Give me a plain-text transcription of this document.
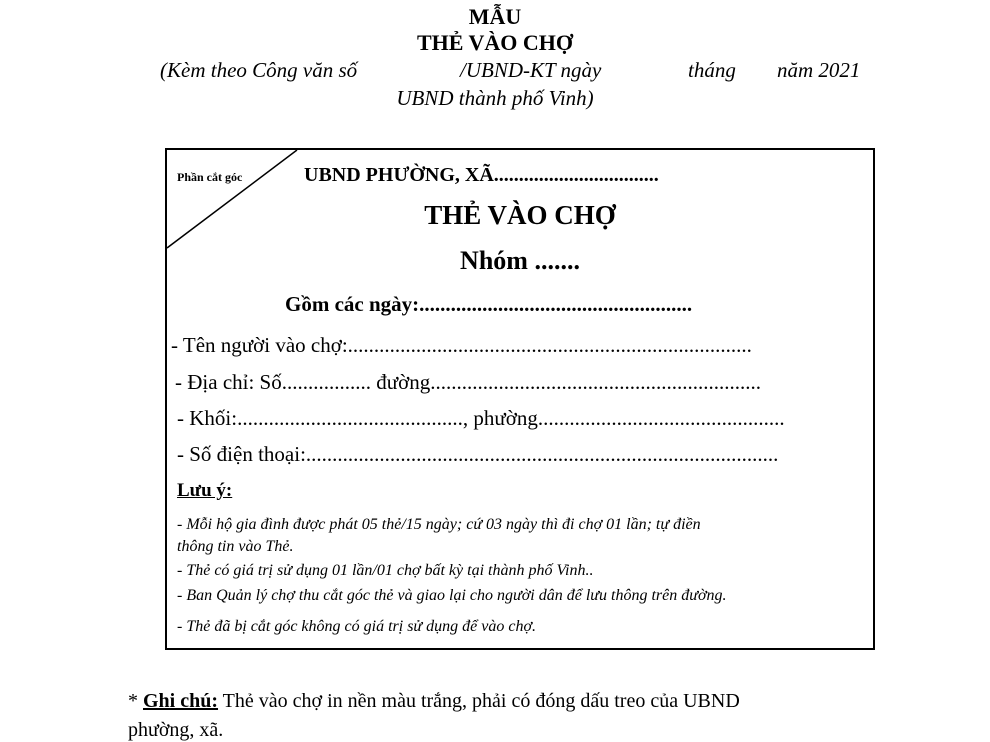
MẪU
THẺ VÀO CHỢ
(Kèm theo Công văn số	/UBND-KT ngày	tháng năm 2021
UBND thành phố Vinh)
Phần cắt góc	UBND PHƯỜNG, XÃ.................................
THẺ VÀO CHỢ
Nhóm .......
Gồm các ngày:....................................................
- Tên người vào chợ:.............................................................................
- Địa chỉ: Số................. đường...............................................................
- Khối:..........................................., phường...............................................
- Số điện thoại:..........................................................................................
Lưu ý:
- Mỗi hộ gia đình được phát 05 thẻ/15 ngày; cứ 03 ngày thì đi chợ 01 lần; tự điền
thông tin vào Thẻ.
- Thẻ có giá trị sử dụng 01 lần/01 chợ bất kỳ tại thành phố Vinh..
- Ban Quản lý chợ thu cắt góc thẻ và giao lại cho người dân để lưu thông trên đường.
- Thẻ đã bị cắt góc không có giá trị sử dụng để vào chợ.
* Ghi chú: Thẻ vào chợ in nền màu trắng, phải có đóng dấu treo của UBND
phường, xã.
